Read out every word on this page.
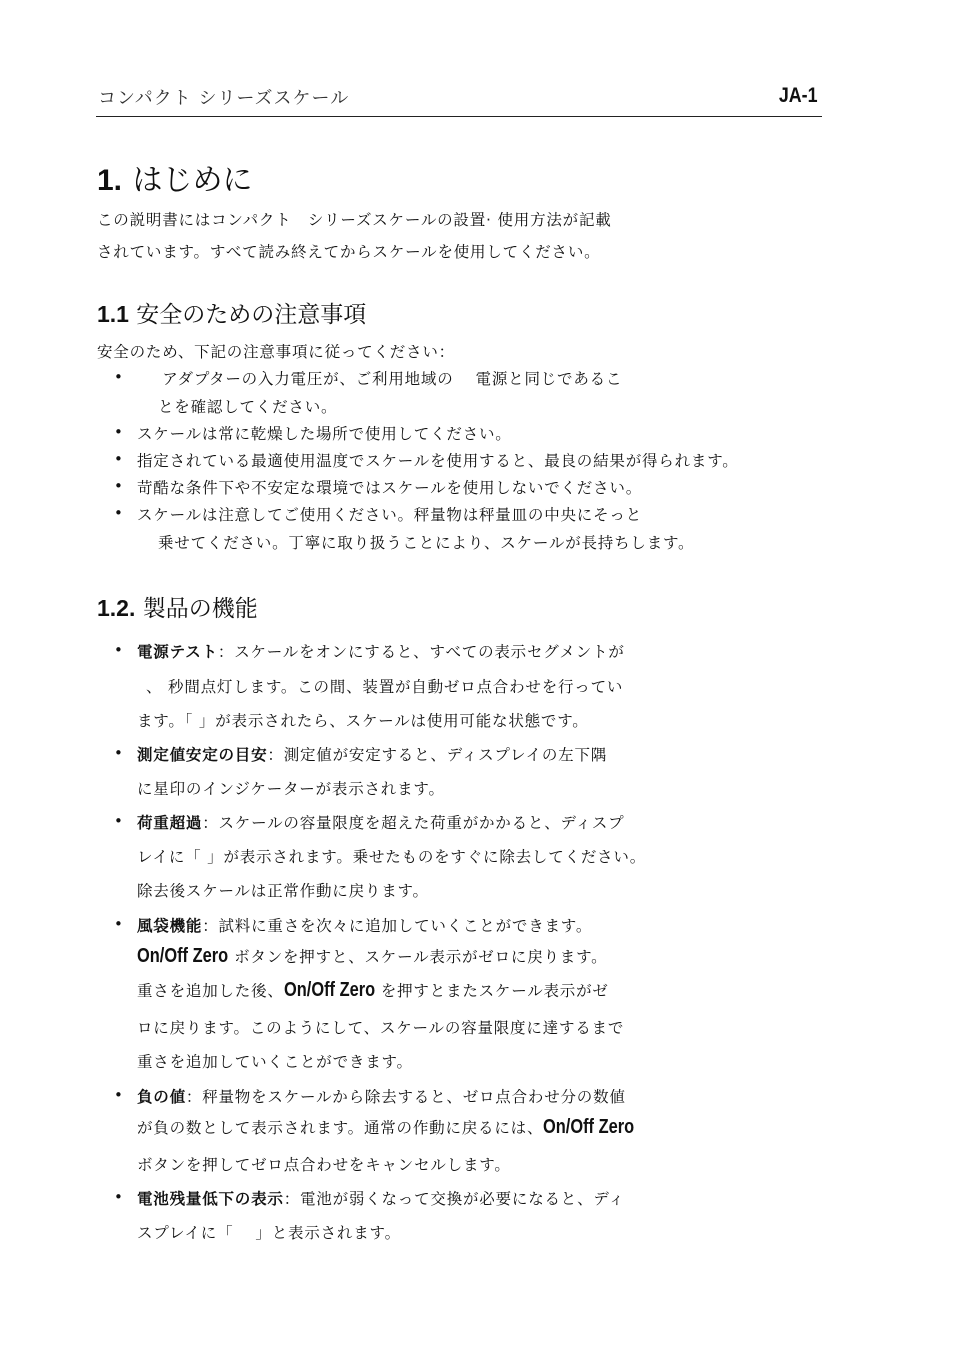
コンパクト シリーズスケール	JA-1
1. はじめに
この説明書にはコンパクト　シリーズスケールの設置· 使用方法が記載
されています。すべて読み終えてからスケールを使用してください。
1.1 安全のための注意事項
安全のため、下記の注意事項に従ってください：
• 　アダプターの入力電圧が、ご利用地域の　 電源と同じであるこ
とを確認してください。
• スケールは常に乾燥した場所で使用してください。
• 指定されている最適使用温度でスケールを使用すると、最良の結果が得られます。
• 苛酷な条件下や不安定な環境ではスケールを使用しないでください。
• スケールは注意してご使用ください。秤量物は秤量皿の中央にそっと
乗せてください。丁寧に取り扱うことにより、スケールが長持ちします。
1.2. 製品の機能
• 電源テスト：スケールをオンにすると、すべての表示セグメントが
、 秒間点灯します。この間、装置が自動ゼロ点合わせを行ってい
ます。「 」が表示されたら、スケールは使用可能な状態です。
• 測定値安定の目安：測定値が安定すると、ディスプレイの左下隅
に星印のインジケーターが表示されます。
• 荷重超過：スケールの容量限度を超えた荷重がかかると、ディスプ
レイに「 」が表示されます。乗せたものをすぐに除去してください。
除去後スケールは正常作動に戻ります。
• 風袋機能：試料に重さを次々に追加していくことができます。
On/Off Zero ボタンを押すと、スケール表示がゼロに戻ります。
重さを追加した後、On/Off Zero を押すとまたスケール表示がゼ
ロに戻ります。このようにして、スケールの容量限度に達するまで
重さを追加していくことができます。
• 負の値：秤量物をスケールから除去すると、ゼロ点合わせ分の数値
が負の数として表示されます。通常の作動に戻るには、On/Off Zero
ボタンを押してゼロ点合わせをキャンセルします。
• 電池残量低下の表示：電池が弱くなって交換が必要になると、ディ
スプレイに「 　」と表示されます。
